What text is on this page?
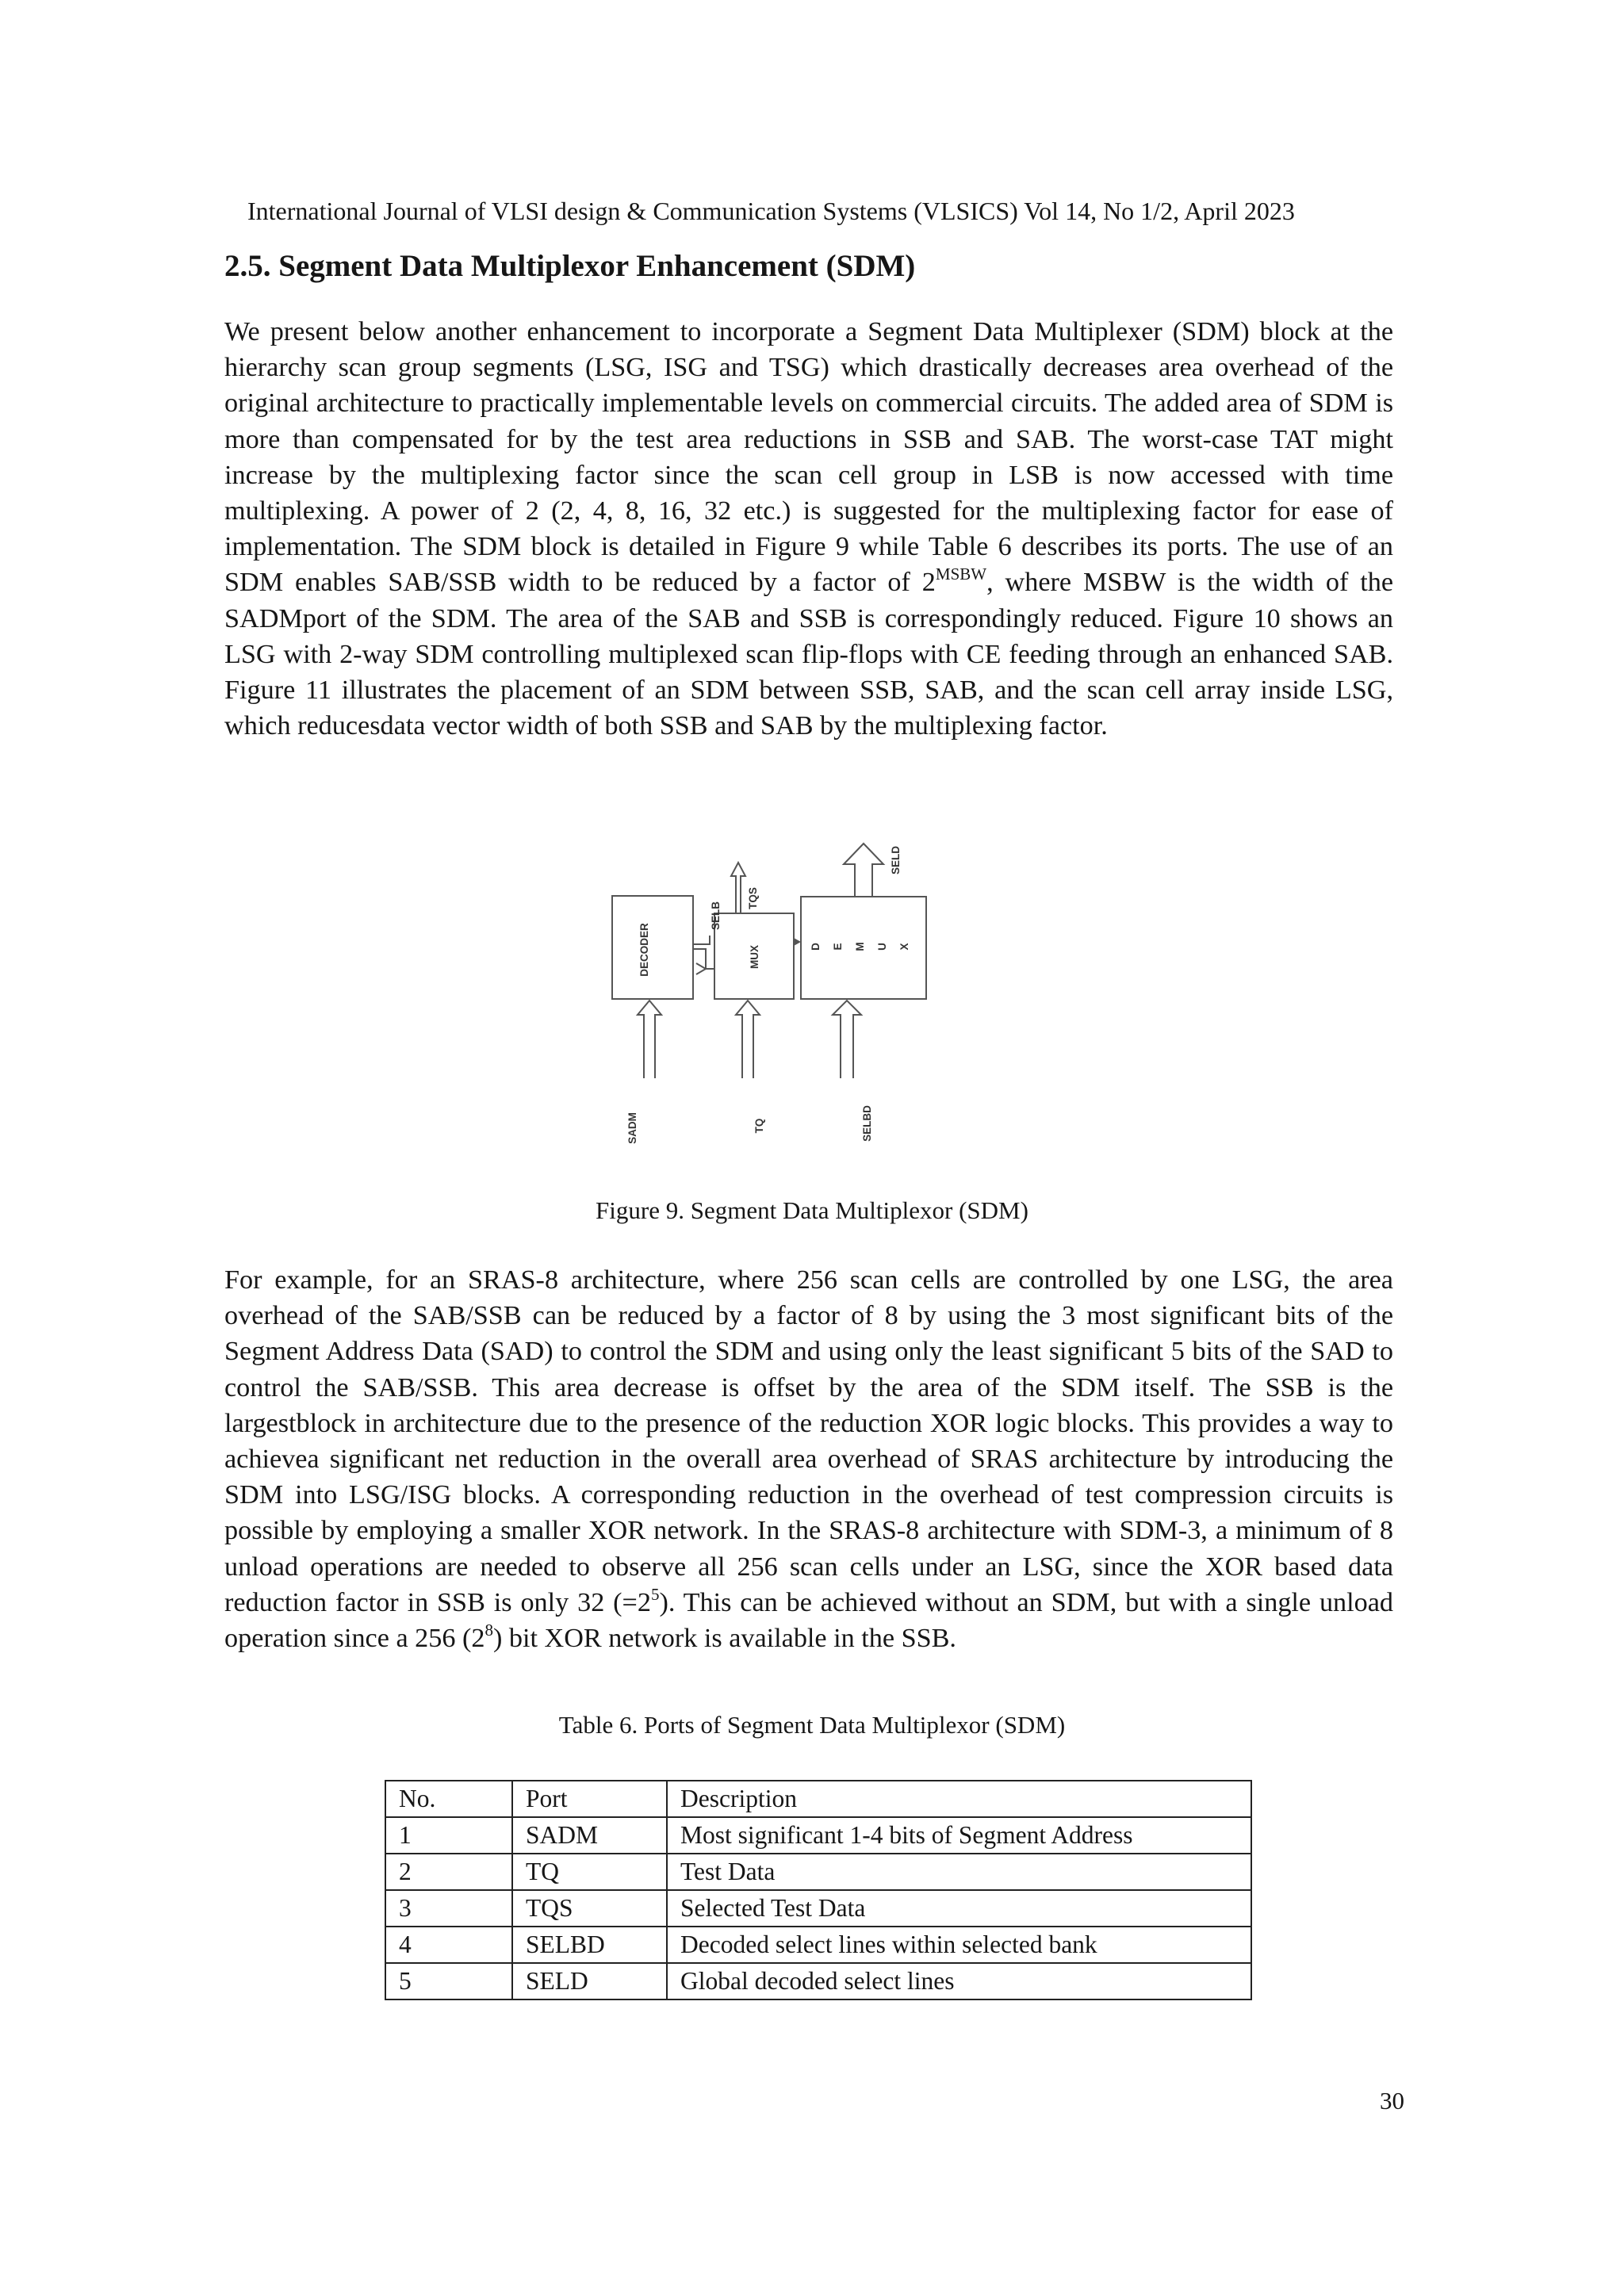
International Journal of VLSI design & Communication Systems (VLSICS) Vol 14, No 1/2, April 2023
2.5. Segment Data Multiplexor Enhancement (SDM)

We present below another enhancement to incorporate a Segment Data Multiplexer (SDM) block at the hierarchy scan group segments (LSG, ISG and TSG) which drastically decreases area overhead of the original architecture to practically implementable levels on commercial circuits. The added area of SDM is more than compensated for by the test area reductions in SSB and SAB. The worst-case TAT might increase by the multiplexing factor since the scan cell group in LSB is now accessed with time multiplexing. A power of 2 (2, 4, 8, 16, 32 etc.) is suggested for the multiplexing factor for ease of implementation. The SDM block is detailed in Figure 9 while Table 6 describes its ports. The use of an SDM enables SAB/SSB width to be reduced by a factor of $2^{MSBW}$, where MSBW is the width of the SADMport of the SDM. The area of the SAB and SSB is correspondingly reduced. Figure 10 shows an LSG with 2-way SDM controlling multiplexed scan flip-flops with CE feeding through an enhanced SAB. Figure 11 illustrates the placement of an SDM between SSB, SAB, and the scan cell array inside LSG, which reducesdata vector width of both SSB and SAB by the multiplexing factor.

DECODER	MUX	D E M U X
SELB
TQS
SELD
SADM	TQ	SELBD
Figure 9. Segment Data Multiplexor (SDM)

For example, for an SRAS-8 architecture, where 256 scan cells are controlled by one LSG, the area overhead of the SAB/SSB can be reduced by a factor of 8 by using the 3 most significant bits of the Segment Address Data (SAD) to control the SDM and using only the least significant 5 bits of the SAD to control the SAB/SSB. This area decrease is offset by the area of the SDM itself. The SSB is the largestblock in architecture due to the presence of the reduction XOR logic blocks. This provides a way to achievea significant net reduction in the overall area overhead of SRAS architecture by introducing the SDM into LSG/ISG blocks. A corresponding reduction in the overhead of test compression circuits is possible by employing a smaller XOR network. In the SRAS-8 architecture with SDM-3, a minimum of 8 unload operations are needed to observe all 256 scan cells under an LSG, since the XOR based data reduction factor in SSB is only 32 $(=2^5)$. This can be achieved without an SDM, but with a single unload operation since a 256 $(2^8)$ bit XOR network is available in the SSB.

Table 6. Ports of Segment Data Multiplexor (SDM)
No.	Port	Description
1	SADM	Most significant 1-4 bits of Segment Address
2	TQ	Test Data
3	TQS	Selected Test Data
4	SELBD	Decoded select lines within selected bank
5	SELD	Global decoded select lines
30
